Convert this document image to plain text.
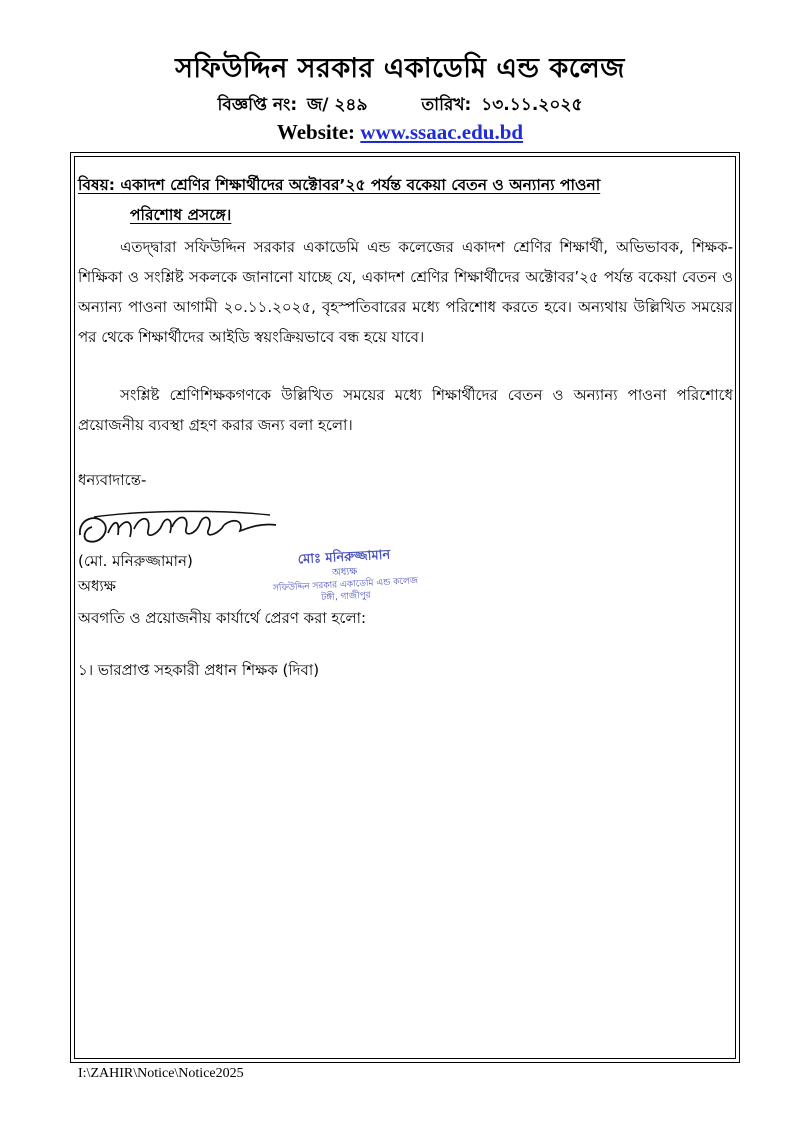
সফিউদ্দিন সরকার একাডেমি এন্ড কলেজ
বিজ্ঞপ্তি নং: জ/ ২৪৯	তারিখ: ১৩.১১.২০২৫
Website: www.ssaac.edu.bd
বিষয়: একাদশ শ্রেণির শিক্ষার্থীদের অক্টোবর’২৫ পর্যন্ত বকেয়া বেতন ও অন্যান্য পাওনা
পরিশোধ প্রসঙ্গে।
এতদ্দ্বারা সফিউদ্দিন সরকার একাডেমি এন্ড কলেজের একাদশ শ্রেণির শিক্ষার্থী, অভিভাবক, শিক্ষক-শিক্ষিকা ও সংশ্লিষ্ট সকলকে জানানো যাচ্ছে যে, একাদশ শ্রেণির শিক্ষার্থীদের অক্টোবর’২৫ পর্যন্ত বকেয়া বেতন ও অন্যান্য পাওনা আগামী ২০.১১.২০২৫, বৃহস্পতিবারের মধ্যে পরিশোধ করতে হবে। অন্যথায় উল্লিখিত সময়ের পর থেকে শিক্ষার্থীদের আইডি স্বয়ংক্রিয়ভাবে বন্ধ হয়ে যাবে।
সংশ্লিষ্ট শ্রেণিশিক্ষকগণকে উল্লিখিত সময়ের মধ্যে শিক্ষার্থীদের বেতন ও অন্যান্য পাওনা পরিশোধে প্রয়োজনীয় ব্যবস্থা গ্রহণ করার জন্য বলা হলো।
ধন্যবাদান্তে-
(মো. মনিরুজ্জামান)
অধ্যক্ষ
মোঃ মনিরুজ্জামান
অধ্যক্ষ
সফিউদ্দিন সরকার একাডেমি এন্ড কলেজ
টঙ্গী, গাজীপুর
অবগতি ও প্রয়োজনীয় কার্যার্থে প্রেরণ করা হলো:
১। ভারপ্রাপ্ত সহকারী প্রধান শিক্ষক (দিবা)
I:\ZAHIR\Notice\Notice2025
